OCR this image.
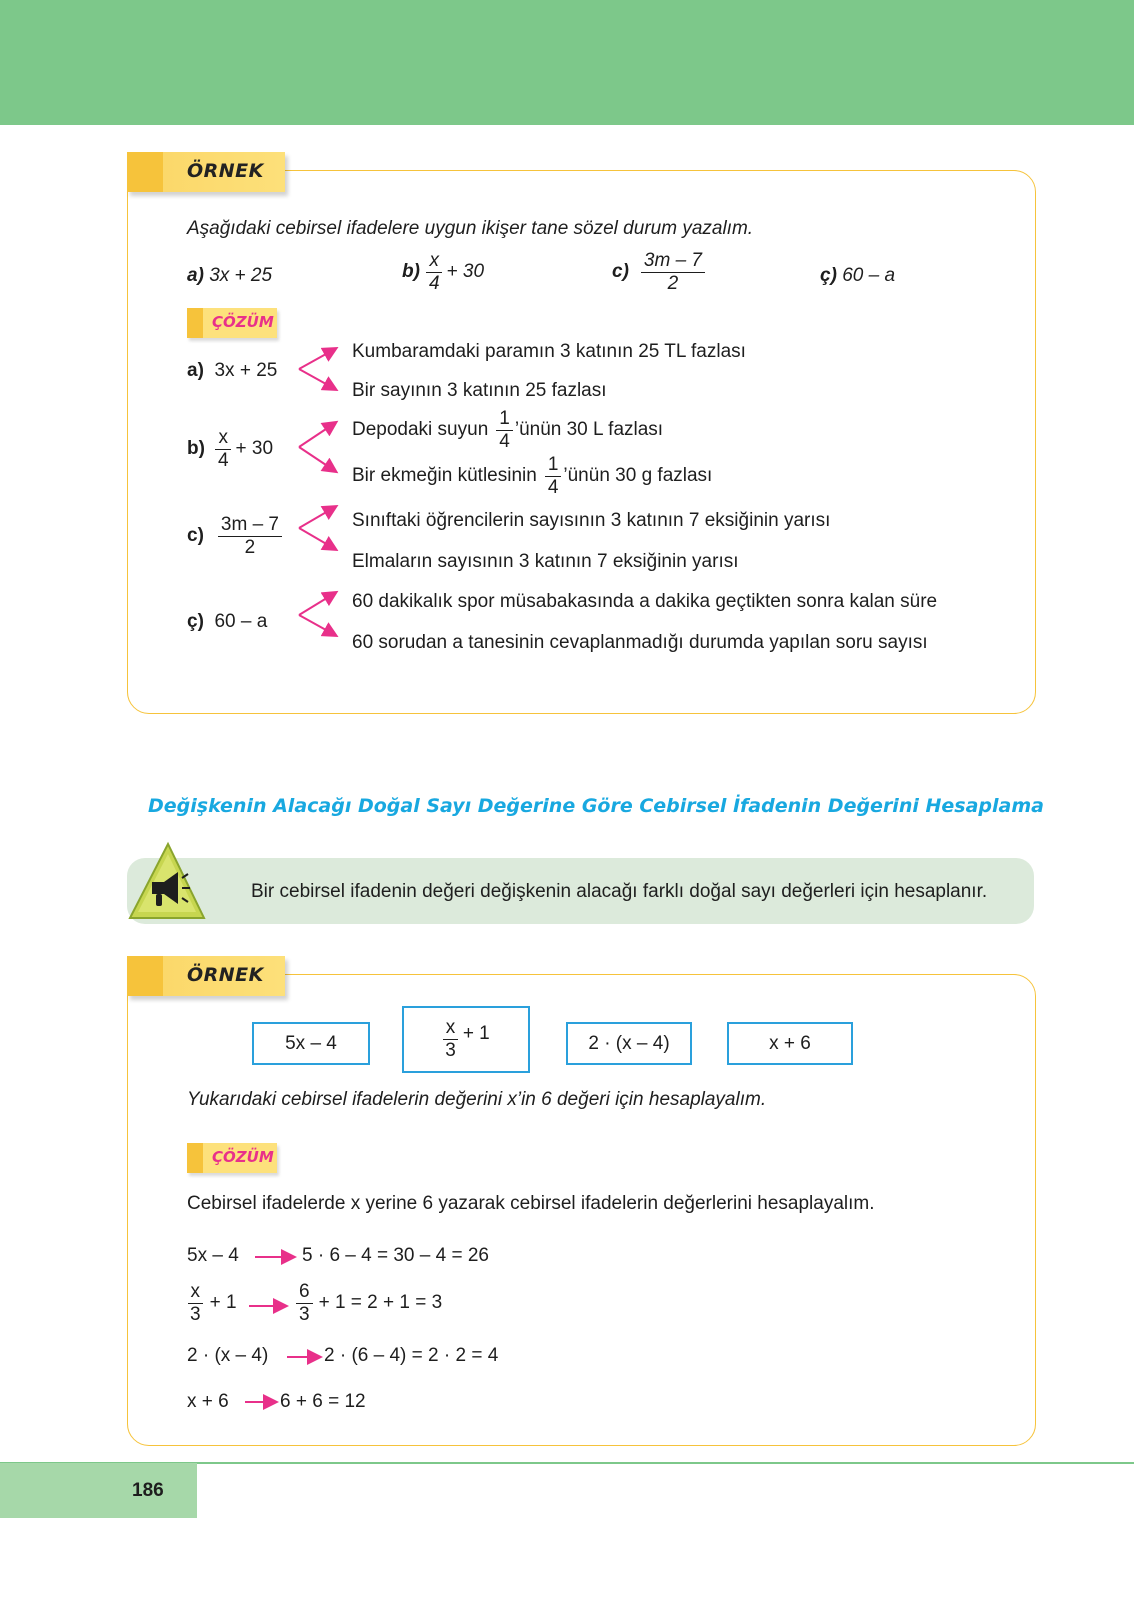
ÖRNEK
Aşağıdaki cebirsel ifadelere uygun ikişer tane sözel durum yazalım.
a) 3x + 25	$b) \frac{x}{4} + 30$	$c) \frac{3m - 7}{2}$	ç) 60 – a
ÇÖZÜM
a) 3x + 25
Kumbaramdaki paramın 3 katının 25 TL fazlası
Bir sayının 3 katının 25 fazlası
$b) \frac{x}{4} + 30$
Depodaki suyun $\frac{1}{4}$ ’ünün 30 L fazlası
Bir ekmeğin kütlesinin $\frac{1}{4}$ ’ünün 30 g fazlası
$c) \frac{3m - 7}{2}$	Sınıftaki öğrencilerin sayısının 3 katının 7 eksiğinin yarısı
Elmaların sayısının 3 katının 7 eksiğinin yarısı
ç) 60 – a
60 dakikalık spor müsabakasında a dakika geçtikten sonra kalan süre
60 sorudan a tanesinin cevaplanmadığı durumda yapılan soru sayısı
Değişkenin Alacağı Doğal Sayı Değerine Göre Cebirsel İfadenin Değerini Hesaplama
Bir cebirsel ifadenin değeri değişkenin alacağı farklı doğal sayı değerleri için hesaplanır.
ÖRNEK
5x – 4	$\frac{x}{3} + 1$	2 · (x – 4)	x + 6
Yukarıdaki cebirsel ifadelerin değerini x’in 6 değeri için hesaplayalım.
ÇÖZÜM
Cebirsel ifadelerde x yerine 6 yazarak cebirsel ifadelerin değerlerini hesaplayalım.
5x – 4	5 · 6 – 4 = 30 – 4 = 26
$\frac{x}{3} + 1$	$\frac{6}{3} + 1 = 2 + 1 = 3$
2 · (x – 4)	2 · (6 – 4) = 2 · 2 = 4
x + 6	6 + 6 = 12
186
